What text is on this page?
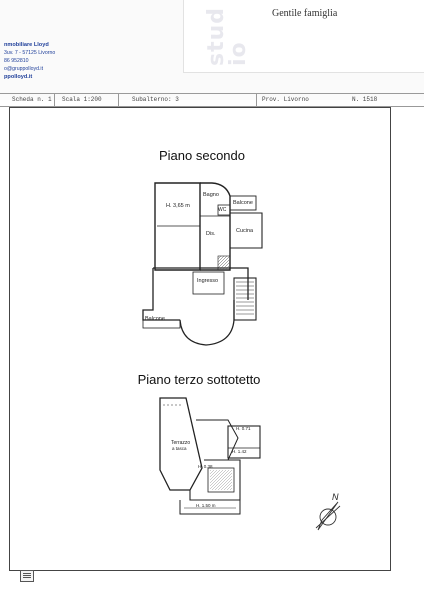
stud
io
Gentile famiglia
nmobiliare Lloyd
3uv. 7 - 57125 Livorno
86 952810
o@gruppolloyd.it
ppolloyd.it
Scheda n. 1 Scala 1:200	Subalterno: 3	Prov. Livorno	N. 1518
Piano secondo
Piano terzo sottotetto
Bagno
Balcone
WC
H. 3,65 m
Dis.	Cucina
Ingresso
Balcone
Terrazzo
a tasca
H. 0.71
H. 1.42
H. 0.38
H. 1.50 m
N
